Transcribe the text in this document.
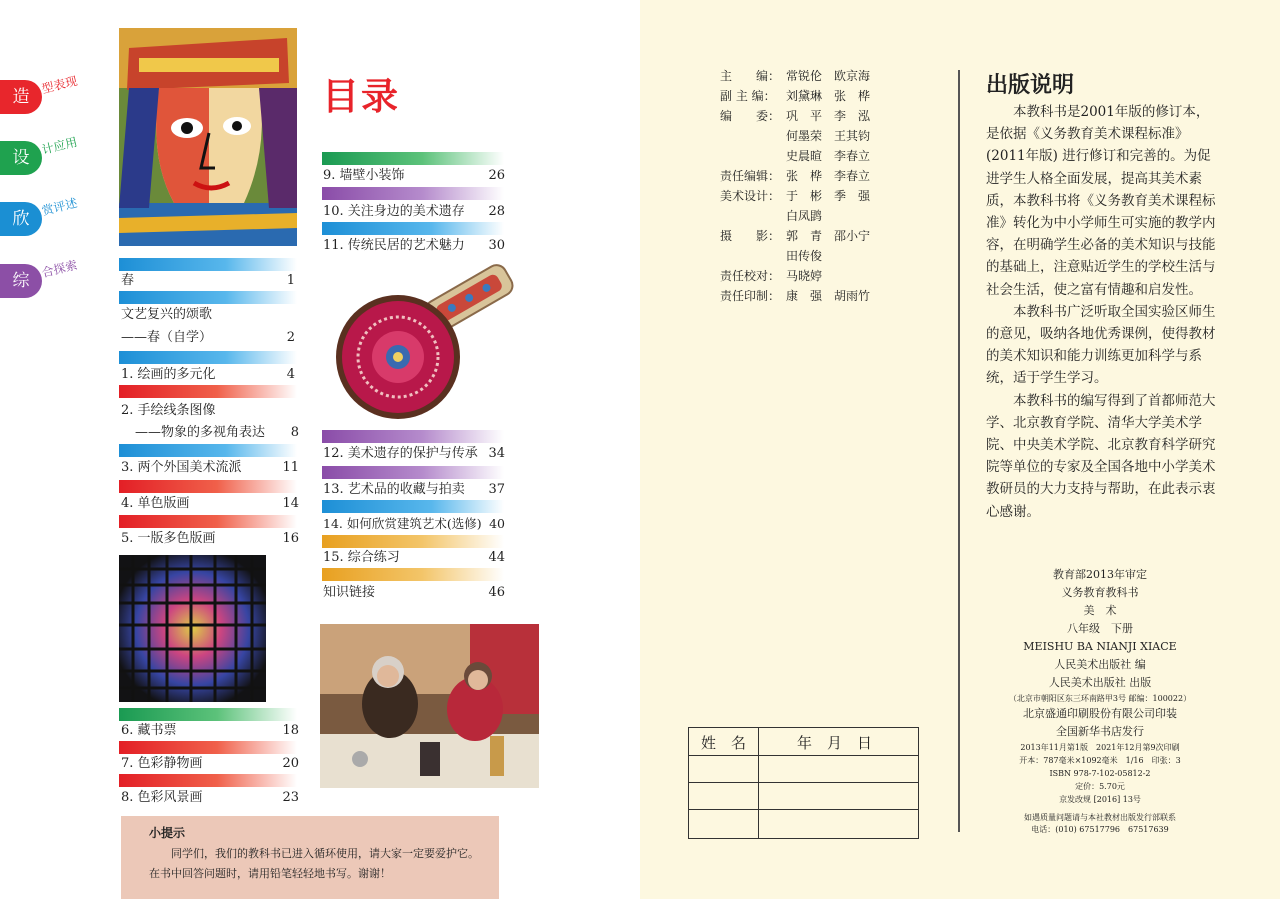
造
型表现
设
计应用
欣
赏评述
综
合探索
目录
春	1
文艺复兴的颂歌
——春（自学）	2
1. 绘画的多元化	4
2. 手绘线条图像
——物象的多视角表达 8
3. 两个外国美术流派	11
4. 单色版画	14
5. 一版多色版画	16
6. 藏书票	18
7. 色彩静物画	20
8. 色彩风景画	23
9. 墙壁小装饰	26
10. 关注身边的美术遗存 28
11. 传统民居的艺术魅力 30
12. 美术遗存的保护与传承 34
13. 艺术品的收藏与拍卖 37
14. 如何欣赏建筑艺术(选修) 40
15. 综合练习	44
知识链接	46
小提示
同学们，我们的教科书已进入循环使用，请大家一定要爱护它。在书中回答问题时，请用铅笔轻轻地书写。谢谢！
主　　编： 常锐伦　欧京海
副 主 编： 刘黛琳　张　桦
编　　委： 巩　平　李　泓
何墨荣　王其钧
史晨暄　李春立
责任编辑： 张　桦　李春立
美术设计： 于　彬　季　强
白凤鹍
摄　　影： 郭　青　邵小宁
田传俊
责任校对： 马晓婷
责任印制： 康　强　胡雨竹
出版说明

本教科书是2001年版的修订本，是依据《义务教育美术课程标准》(2011年版) 进行修订和完善的。为促进学生人格全面发展，提高其美术素质，本教科书将《义务教育美术课程标准》转化为中小学师生可实施的教学内容，在明确学生必备的美术知识与技能的基础上，注意贴近学生的学校生活与社会生活，使之富有情趣和启发性。

本教科书广泛听取全国实验区师生的意见，吸纳各地优秀课例，使得教材的美术知识和能力训练更加科学与系统，适于学生学习。

本教科书的编写得到了首都师范大学、北京教育学院、清华大学美术学院、中央美术学院、北京教育科学研究院等单位的专家及全国各地中小学美术教研员的大力支持与帮助，在此表示衷心感谢。

教育部2013年审定
义务教育教科书
美　术
八年级　下册
MEISHU BA NIANJI XIACE
人民美术出版社 编
人民美术出版社 出版
（北京市朝阳区东三环南路甲3号 邮编：100022）
北京盛通印刷股份有限公司印装
全国新华书店发行
2013年11月第1版　2021年12月第9次印刷
开本：787毫米×1092毫米　1/16　印张：3
ISBN 978-7-102-05812-2
定价：5.70元
京发改规 [2016] 13号
如遇质量问题请与本社教材出版发行部联系
电话：(010) 67517796　67517639
姓　名	年　月　日
